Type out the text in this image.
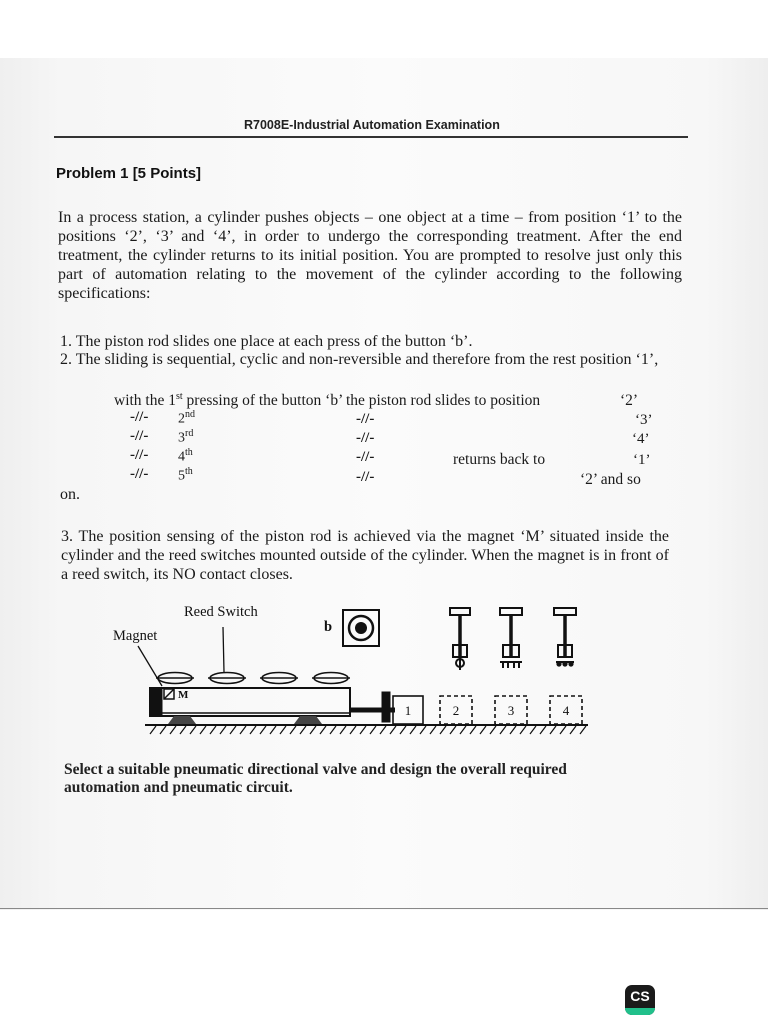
R7008E-Industrial Automation Examination
Problem 1 [5 Points]
In a process station, a cylinder pushes objects – one object at a time – from position ‘1’ to the positions ‘2’, ‘3’ and ‘4’, in order to undergo the corresponding treatment. After the end treatment, the cylinder returns to its initial position. You are prompted to resolve just only this part of automation relating to the movement of the cylinder according to the following specifications:
1. The piston rod slides one place at each press of the button ‘b’.
2. The sliding is sequential, cyclic and non-reversible and therefore from the rest position ‘1’,
with the 1st pressing of the button ‘b’ the piston rod slides to position	‘2’
-//- 2nd	-//-	‘3’
-//- 3rd	-//-	‘4’
-//- 4th	-//-	returns back to	‘1’
-//- 5th	-//-	‘2’ and so
on.
3. The position sensing of the piston rod is achieved via the magnet ‘M’ situated inside the cylinder and the reed switches mounted outside of the cylinder. When the magnet is in front of a reed switch, its NO contact closes.
Reed Switch
Magnet
b
M
1	2	3	4
Select a suitable pneumatic directional valve and design the overall required automation and pneumatic circuit.
CS
